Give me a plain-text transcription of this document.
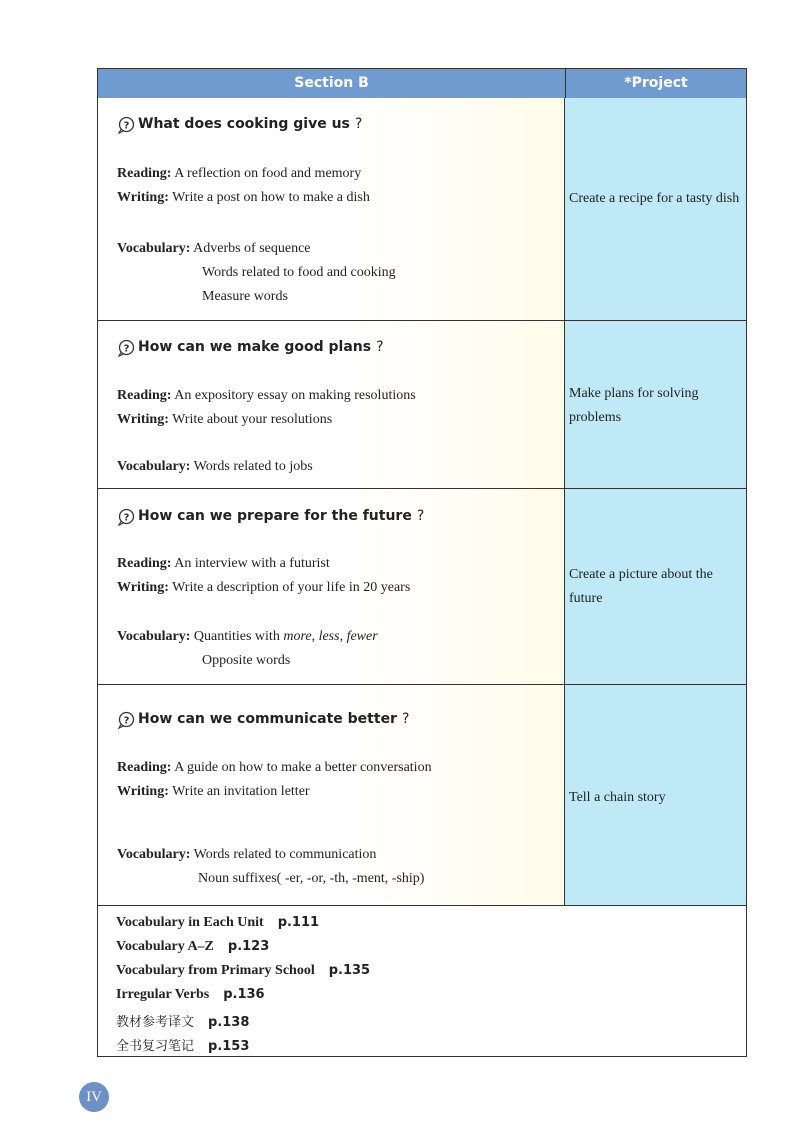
Section B	*Project
? What does cooking give us ?
Reading: A reflection on food and memory
Writing: Write a post on how to make a dish
Vocabulary: Adverbs of sequence
Words related to food and cooking
Measure words
Create a recipe for a tasty dish
? How can we make good plans ?
Reading: An expository essay on making resolutions
Writing: Write about your resolutions
Vocabulary: Words related to jobs
Make plans for solving problems
? How can we prepare for the future ?
Reading: An interview with a futurist
Writing: Write a description of your life in 20 years
Vocabulary: Quantities with more, less, fewer
Opposite words
Create a picture about the future
? How can we communicate better ?
Reading: A guide on how to make a better conversation
Writing: Write an invitation letter
Vocabulary: Words related to communication
Noun suffixes( -er, -or, -th, -ment, -ship)
Tell a chain story
Vocabulary in Each Unit p.111
Vocabulary A–Z p.123
Vocabulary from Primary School p.135
Irregular Verbs p.136
教材参考译文 p.138
全书复习笔记 p.153
IV
